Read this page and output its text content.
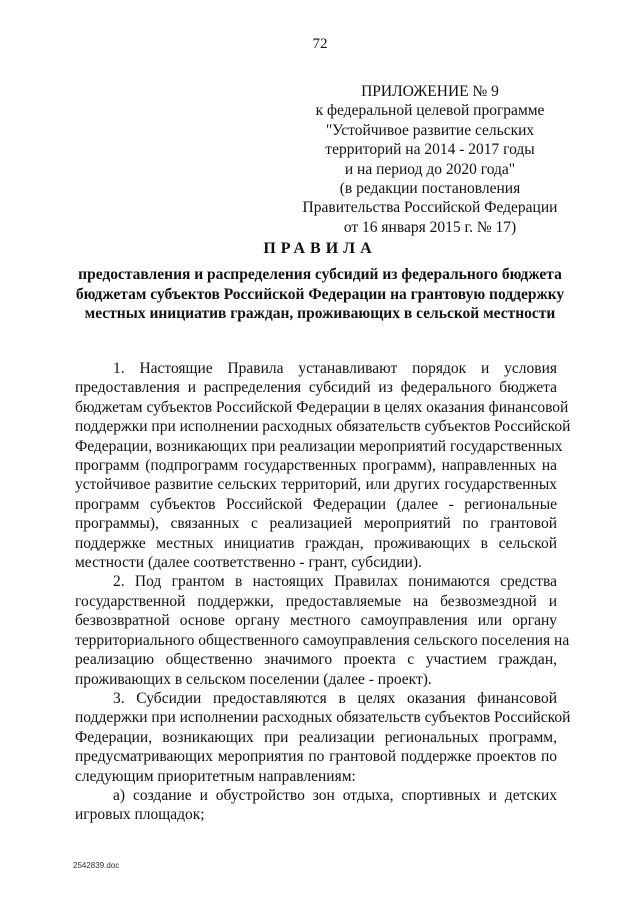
72
ПРИЛОЖЕНИЕ № 9
к федеральной целевой программе
"Устойчивое развитие сельских
территорий на 2014 - 2017 годы
и на период до 2020 года"
(в редакции постановления
Правительства Российской Федерации
от 16 января 2015 г. № 17)
ПРАВИЛА
предоставления и распределения субсидий из федерального бюджета
бюджетам субъектов Российской Федерации на грантовую поддержку
местных инициатив граждан, проживающих в сельской местности
1. Настоящие Правила устанавливают порядок и условия
предоставления и распределения субсидий из федерального бюджета
бюджетам субъектов Российской Федерации в целях оказания финансовой
поддержки при исполнении расходных обязательств субъектов Российской
Федерации, возникающих при реализации мероприятий государственных
программ (подпрограмм государственных программ), направленных на
устойчивое развитие сельских территорий, или других государственных
программ субъектов Российской Федерации (далее - региональные
программы), связанных с реализацией мероприятий по грантовой
поддержке местных инициатив граждан, проживающих в сельской
местности (далее соответственно - грант, субсидии).
2. Под грантом в настоящих Правилах понимаются средства
государственной поддержки, предоставляемые на безвозмездной и
безвозвратной основе органу местного самоуправления или органу
территориального общественного самоуправления сельского поселения на
реализацию общественно значимого проекта с участием граждан,
проживающих в сельском поселении (далее - проект).
3. Субсидии предоставляются в целях оказания финансовой
поддержки при исполнении расходных обязательств субъектов Российской
Федерации, возникающих при реализации региональных программ,
предусматривающих мероприятия по грантовой поддержке проектов по
следующим приоритетным направлениям:
а) создание и обустройство зон отдыха, спортивных и детских
игровых площадок;
2542839.doc
